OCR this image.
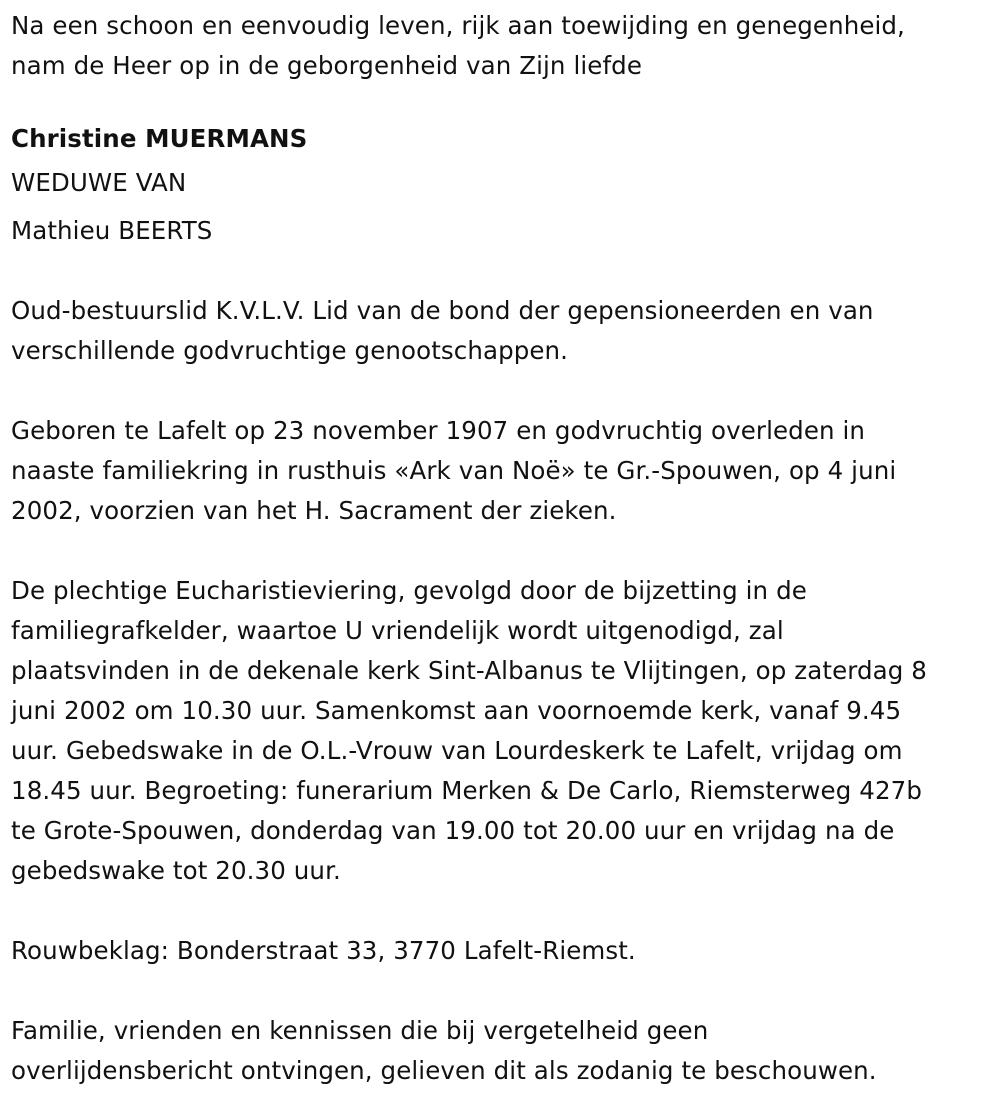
Na een schoon en eenvoudig leven, rijk aan toewijding en genegenheid,
nam de Heer op in de geborgenheid van Zijn liefde
Christine MUERMANS
WEDUWE VAN
Mathieu BEERTS
Oud-bestuurslid K.V.L.V. Lid van de bond der gepensioneerden en van
verschillende godvruchtige genootschappen.
Geboren te Lafelt op 23 november 1907 en godvruchtig overleden in
naaste familiekring in rusthuis «Ark van Noë» te Gr.-Spouwen, op 4 juni
2002, voorzien van het H. Sacrament der zieken.
De plechtige Eucharistieviering, gevolgd door de bijzetting in de
familiegrafkelder, waartoe U vriendelijk wordt uitgenodigd, zal
plaatsvinden in de dekenale kerk Sint-Albanus te Vlijtingen, op zaterdag 8
juni 2002 om 10.30 uur. Samenkomst aan voornoemde kerk, vanaf 9.45
uur. Gebedswake in de O.L.-Vrouw van Lourdeskerk te Lafelt, vrijdag om
18.45 uur. Begroeting: funerarium Merken & De Carlo, Riemsterweg 427b
te Grote-Spouwen, donderdag van 19.00 tot 20.00 uur en vrijdag na de
gebedswake tot 20.30 uur.
Rouwbeklag: Bonderstraat 33, 3770 Lafelt-Riemst.
Familie, vrienden en kennissen die bij vergetelheid geen
overlijdensbericht ontvingen, gelieven dit als zodanig te beschouwen.
